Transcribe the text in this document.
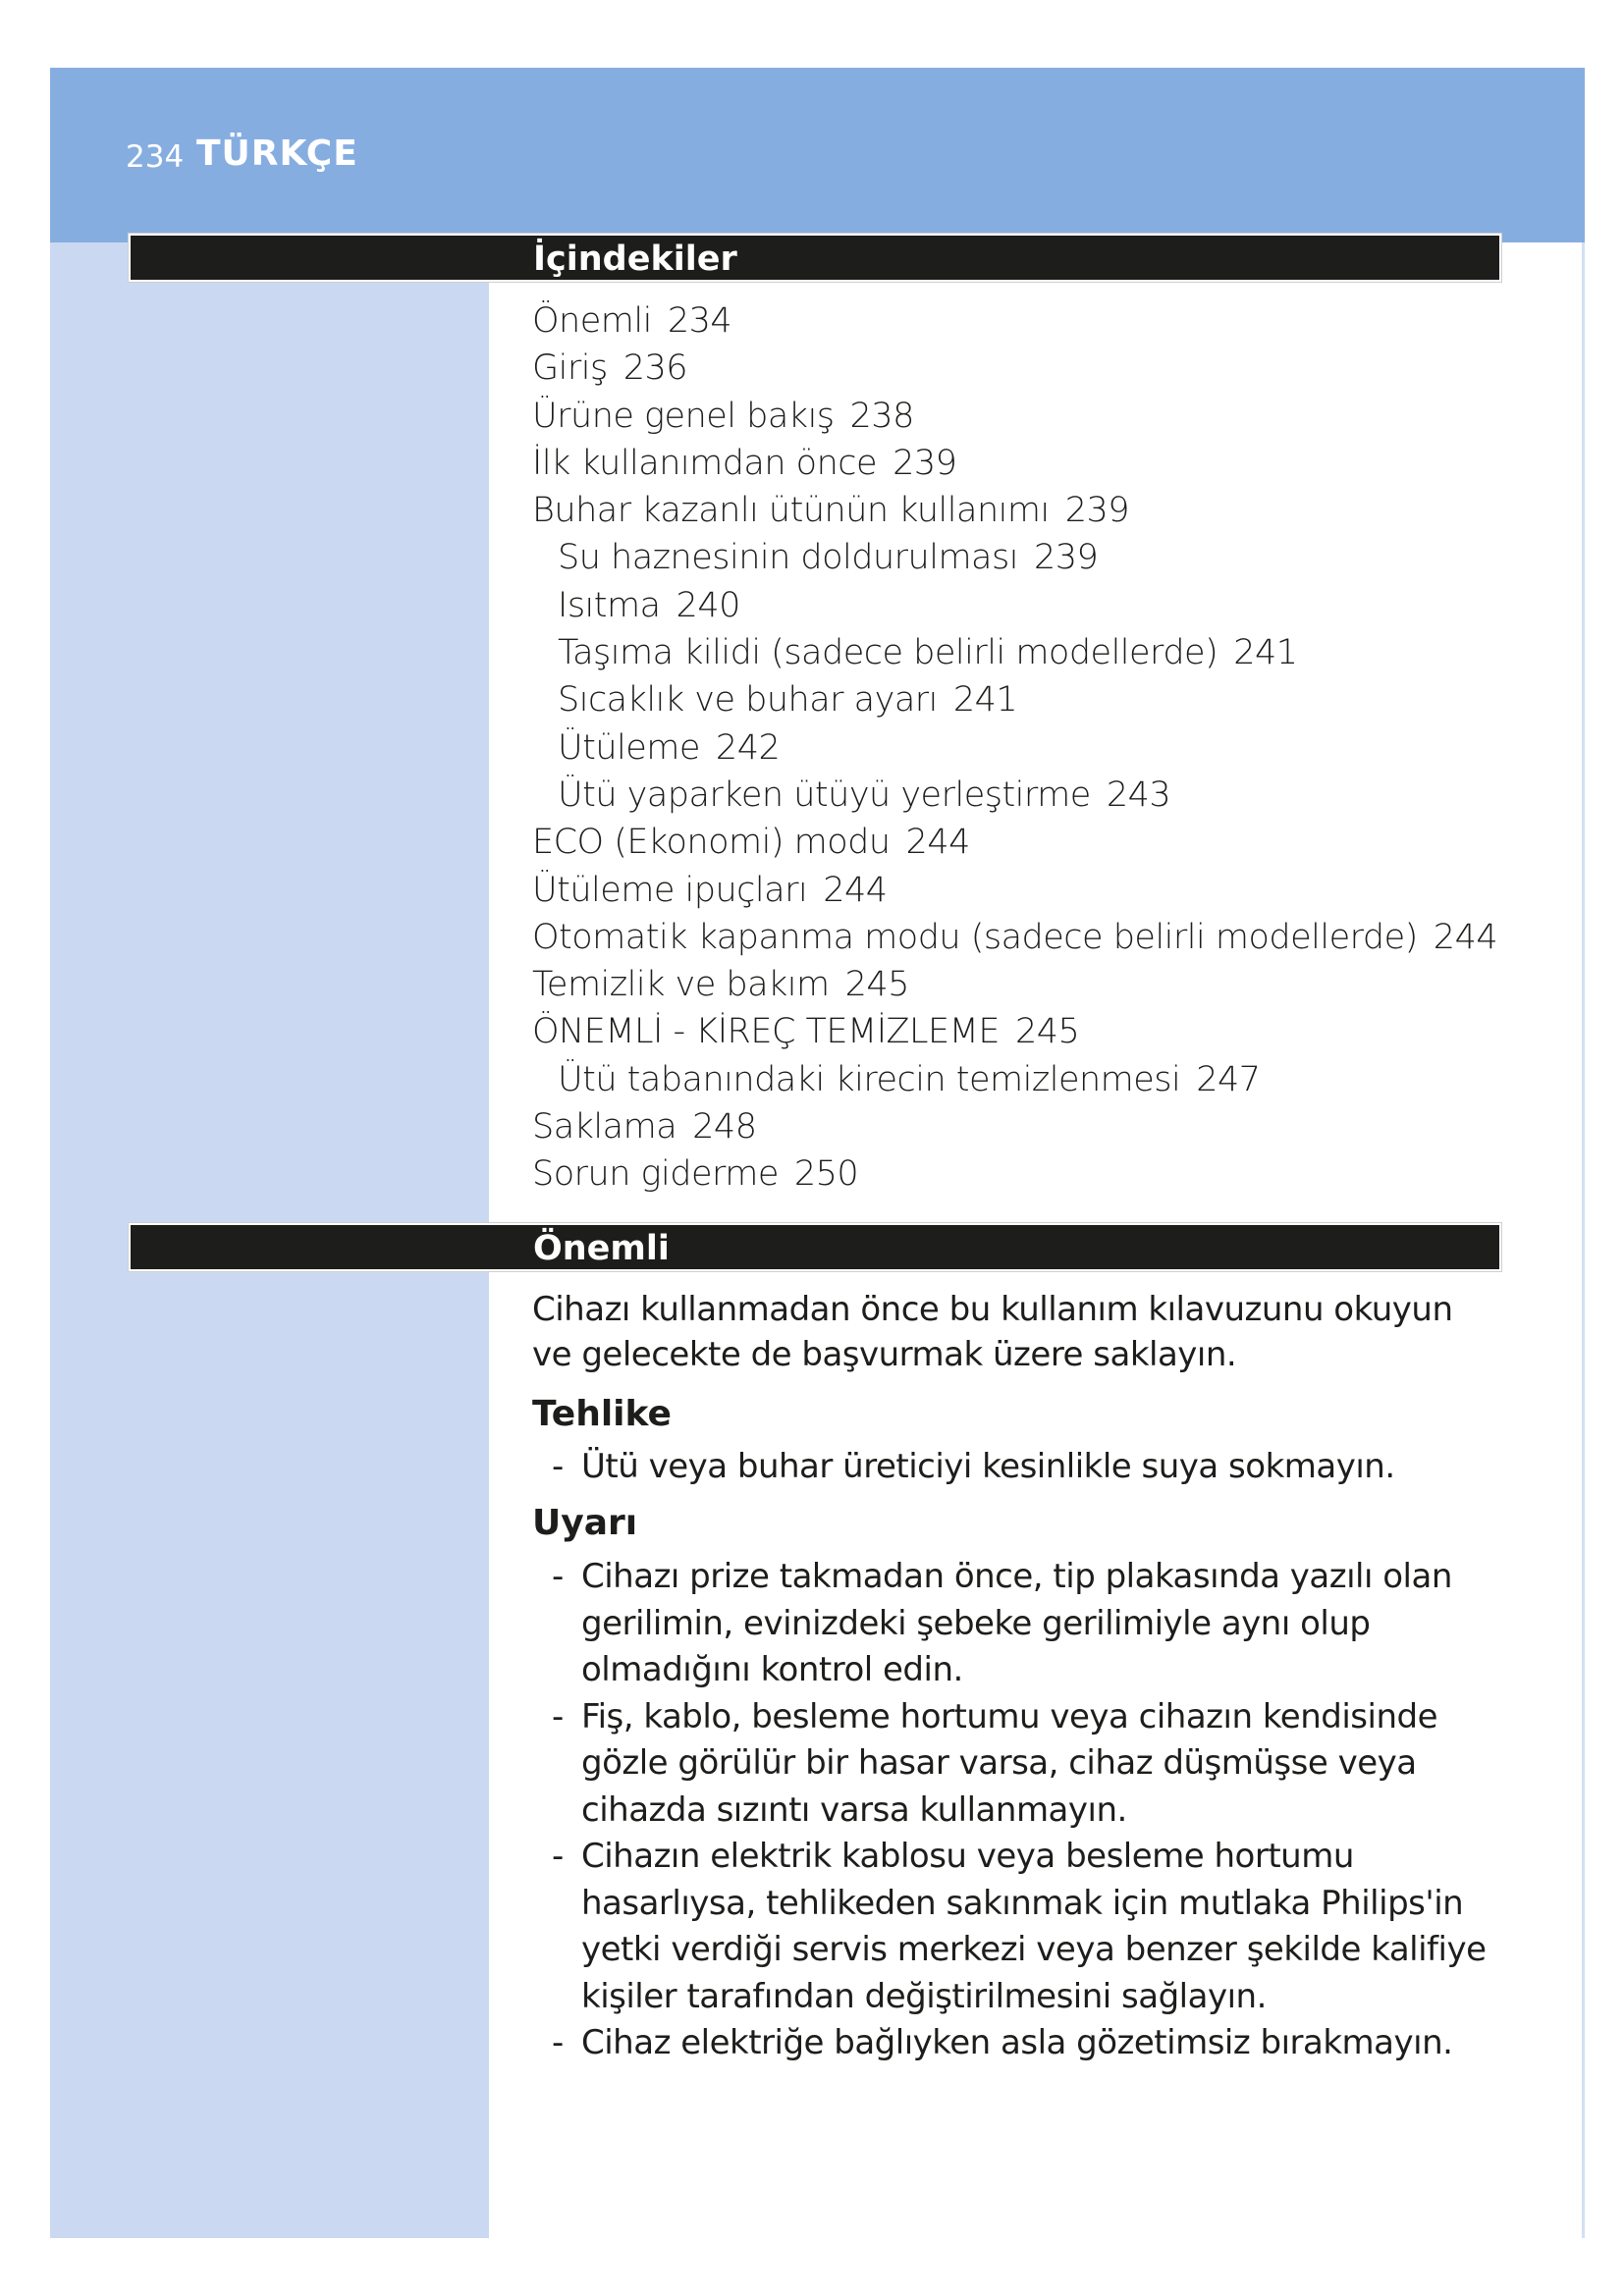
234 TÜRKÇE
İçindekiler
Önemli 234
Giriş 236
Ürüne genel bakış 238
İlk kullanımdan önce 239
Buhar kazanlı ütünün kullanımı 239
Su haznesinin doldurulması 239
Isıtma 240
Taşıma kilidi (sadece belirli modellerde) 241
Sıcaklık ve buhar ayarı 241
Ütüleme 242
Ütü yaparken ütüyü yerleştirme 243
ECO (Ekonomi) modu 244
Ütüleme ipuçları 244
Otomatik kapanma modu (sadece belirli modellerde) 244
Temizlik ve bakım 245
ÖNEMLİ - KİREÇ TEMİZLEME 245
Ütü tabanındaki kirecin temizlenmesi 247
Saklama 248
Sorun giderme 250
Önemli

Cihazı kullanmadan önce bu kullanım kılavuzunu okuyun ve gelecekte de başvurmak üzere saklayın.

Tehlike
- Ütü veya buhar üreticiyi kesinlikle suya sokmayın.
Uyarı
- Cihazı prize takmadan önce, tip plakasında yazılı olan gerilimin, evinizdeki şebeke gerilimiyle aynı olup olmadığını kontrol edin.
- Fiş, kablo, besleme hortumu veya cihazın kendisinde gözle görülür bir hasar varsa, cihaz düşmüşse veya cihazda sızıntı varsa kullanmayın.
- Cihazın elektrik kablosu veya besleme hortumu hasarlıysa, tehlikeden sakınmak için mutlaka Philips'in yetki verdiği servis merkezi veya benzer şekilde kalifiye kişiler tarafından değiştirilmesini sağlayın.
- Cihaz elektriğe bağlıyken asla gözetimsiz bırakmayın.
